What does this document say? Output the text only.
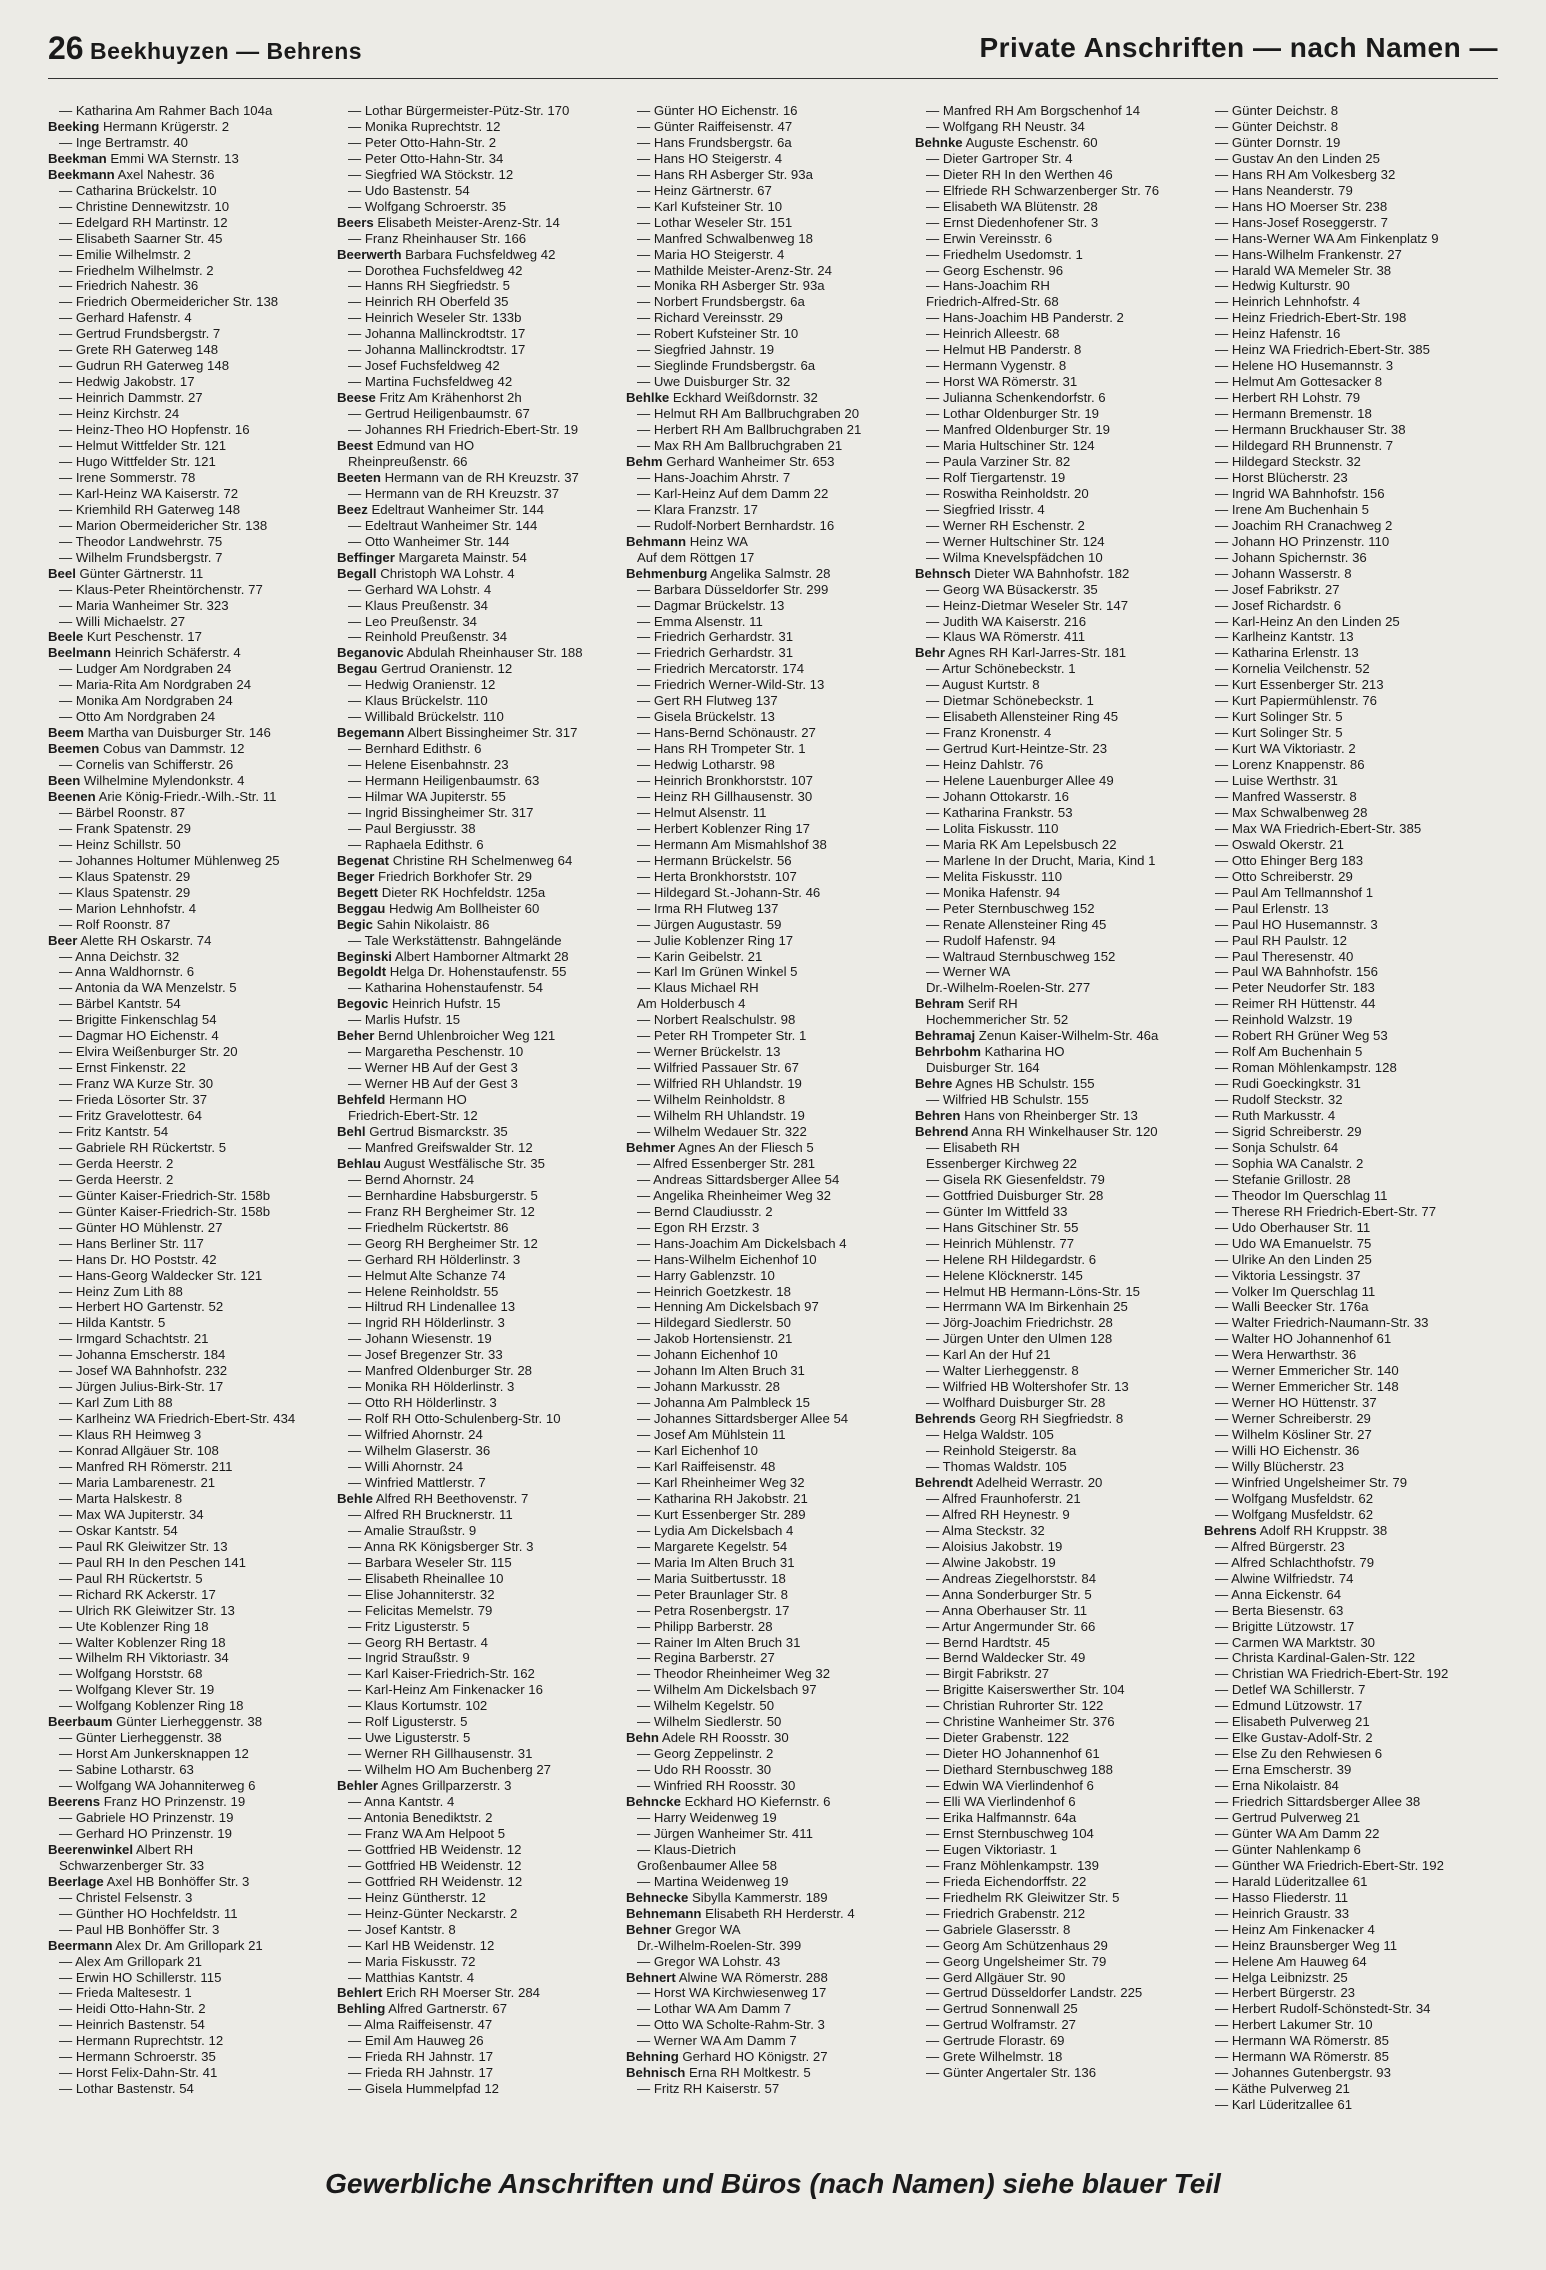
26 Beekhuyzen — Behrens	Private Anschriften — nach Namen —
— Katharina Am Rahmer Bach 104a
Beeking Hermann Krügerstr. 2
— Inge Bertramstr. 40
Beekman Emmi WA Sternstr. 13
Beekmann Axel Nahestr. 36
— Catharina Brückelstr. 10
— Christine Dennewitzstr. 10
— Edelgard RH Martinstr. 12
— Elisabeth Saarner Str. 45
— Emilie Wilhelmstr. 2
— Friedhelm Wilhelmstr. 2
— Friedrich Nahestr. 36
— Friedrich Obermeidericher Str. 138
— Gerhard Hafenstr. 4
— Gertrud Frundsbergstr. 7
— Grete RH Gaterweg 148
— Gudrun RH Gaterweg 148
— Hedwig Jakobstr. 17
— Heinrich Dammstr. 27
— Heinz Kirchstr. 24
— Heinz-Theo HO Hopfenstr. 16
— Helmut Wittfelder Str. 121
— Hugo Wittfelder Str. 121
— Irene Sommerstr. 78
— Karl-Heinz WA Kaiserstr. 72
— Kriemhild RH Gaterweg 148
— Marion Obermeidericher Str. 138
— Theodor Landwehrstr. 75
— Wilhelm Frundsbergstr. 7
Beel Günter Gärtnerstr. 11
— Klaus-Peter Rheintörchenstr. 77
— Maria Wanheimer Str. 323
— Willi Michaelstr. 27
Beele Kurt Peschenstr. 17
Beelmann Heinrich Schäferstr. 4
— Ludger Am Nordgraben 24
— Maria-Rita Am Nordgraben 24
— Monika Am Nordgraben 24
— Otto Am Nordgraben 24
Beem Martha van Duisburger Str. 146
Beemen Cobus van Dammstr. 12
— Cornelis van Schifferstr. 26
Been Wilhelmine Mylendonkstr. 4
Beenen Arie König-Friedr.-Wilh.-Str. 11
— Bärbel Roonstr. 87
— Frank Spatenstr. 29
— Heinz Schillstr. 50
— Johannes Holtumer Mühlenweg 25
— Klaus Spatenstr. 29
— Klaus Spatenstr. 29
— Marion Lehnhofstr. 4
— Rolf Roonstr. 87
Beer Alette RH Oskarstr. 74
— Anna Deichstr. 32
— Anna Waldhornstr. 6
— Antonia da WA Menzelstr. 5
— Bärbel Kantstr. 54
— Brigitte Finkenschlag 54
— Dagmar HO Eichenstr. 4
— Elvira Weißenburger Str. 20
— Ernst Finkenstr. 22
— Franz WA Kurze Str. 30
— Frieda Lösorter Str. 37
— Fritz Gravelottestr. 64
— Fritz Kantstr. 54
— Gabriele RH Rückertstr. 5
— Gerda Heerstr. 2
— Gerda Heerstr. 2
— Günter Kaiser-Friedrich-Str. 158b
— Günter Kaiser-Friedrich-Str. 158b
— Günter HO Mühlenstr. 27
— Hans Berliner Str. 117
— Hans Dr. HO Poststr. 42
— Hans-Georg Waldecker Str. 121
— Heinz Zum Lith 88
— Herbert HO Gartenstr. 52
— Hilda Kantstr. 5
— Irmgard Schachtstr. 21
— Johanna Emscherstr. 184
— Josef WA Bahnhofstr. 232
— Jürgen Julius-Birk-Str. 17
— Karl Zum Lith 88
— Karlheinz WA Friedrich-Ebert-Str. 434
— Klaus RH Heimweg 3
— Konrad Allgäuer Str. 108
— Manfred RH Römerstr. 211
— Maria Lambarenestr. 21
— Marta Halskestr. 8
— Max WA Jupiterstr. 34
— Oskar Kantstr. 54
— Paul RK Gleiwitzer Str. 13
— Paul RH In den Peschen 141
— Paul RH Rückertstr. 5
— Richard RK Ackerstr. 17
— Ulrich RK Gleiwitzer Str. 13
— Ute Koblenzer Ring 18
— Walter Koblenzer Ring 18
— Wilhelm RH Viktoriastr. 34
— Wolfgang Horststr. 68
— Wolfgang Klever Str. 19
— Wolfgang Koblenzer Ring 18
Beerbaum Günter Lierheggenstr. 38
— Günter Lierheggenstr. 38
— Horst Am Junkersknappen 12
— Sabine Lotharstr. 63
— Wolfgang WA Johanniterweg 6
Beerens Franz HO Prinzenstr. 19
— Gabriele HO Prinzenstr. 19
— Gerhard HO Prinzenstr. 19
Beerenwinkel Albert RH
Schwarzenberger Str. 33
Beerlage Axel HB Bonhöffer Str. 3
— Christel Felsenstr. 3
— Günther HO Hochfeldstr. 11
— Paul HB Bonhöffer Str. 3
Beermann Alex Dr. Am Grillopark 21
— Alex Am Grillopark 21
— Erwin HO Schillerstr. 115
— Frieda Maltesestr. 1
— Heidi Otto-Hahn-Str. 2
— Heinrich Bastenstr. 54
— Hermann Ruprechtstr. 12
— Hermann Schroerstr. 35
— Horst Felix-Dahn-Str. 41
— Lothar Bastenstr. 54
— Lothar Bürgermeister-Pütz-Str. 170
— Monika Ruprechtstr. 12
— Peter Otto-Hahn-Str. 2
— Peter Otto-Hahn-Str. 34
— Siegfried WA Stöckstr. 12
— Udo Bastenstr. 54
— Wolfgang Schroerstr. 35
Beers Elisabeth Meister-Arenz-Str. 14
— Franz Rheinhauser Str. 166
Beerwerth Barbara Fuchsfeldweg 42
— Dorothea Fuchsfeldweg 42
— Hanns RH Siegfriedstr. 5
— Heinrich RH Oberfeld 35
— Heinrich Weseler Str. 133b
— Johanna Mallinckrodtstr. 17
— Johanna Mallinckrodtstr. 17
— Josef Fuchsfeldweg 42
— Martina Fuchsfeldweg 42
Beese Fritz Am Krähenhorst 2h
— Gertrud Heiligenbaumstr. 67
— Johannes RH Friedrich-Ebert-Str. 19
Beest Edmund van HO
Rheinpreußenstr. 66
Beeten Hermann van de RH Kreuzstr. 37
— Hermann van de RH Kreuzstr. 37
Beez Edeltraut Wanheimer Str. 144
— Edeltraut Wanheimer Str. 144
— Otto Wanheimer Str. 144
Beffinger Margareta Mainstr. 54
Begall Christoph WA Lohstr. 4
— Gerhard WA Lohstr. 4
— Klaus Preußenstr. 34
— Leo Preußenstr. 34
— Reinhold Preußenstr. 34
Beganovic Abdulah Rheinhauser Str. 188
Begau Gertrud Oranienstr. 12
— Hedwig Oranienstr. 12
— Klaus Brückelstr. 110
— Willibald Brückelstr. 110
Begemann Albert Bissingheimer Str. 317
— Bernhard Edithstr. 6
— Helene Eisenbahnstr. 23
— Hermann Heiligenbaumstr. 63
— Hilmar WA Jupiterstr. 55
— Ingrid Bissingheimer Str. 317
— Paul Bergiusstr. 38
— Raphaela Edithstr. 6
Begenat Christine RH Schelmenweg 64
Beger Friedrich Borkhofer Str. 29
Begett Dieter RK Hochfeldstr. 125a
Beggau Hedwig Am Bollheister 60
Begic Sahin Nikolaistr. 86
— Tale Werkstättenstr. Bahngelände
Beginski Albert Hamborner Altmarkt 28
Begoldt Helga Dr. Hohenstaufenstr. 55
— Katharina Hohenstaufenstr. 54
Begovic Heinrich Hufstr. 15
— Marlis Hufstr. 15
Beher Bernd Uhlenbroicher Weg 121
— Margaretha Peschenstr. 10
— Werner HB Auf der Gest 3
— Werner HB Auf der Gest 3
Behfeld Hermann HO
Friedrich-Ebert-Str. 12
Behl Gertrud Bismarckstr. 35
— Manfred Greifswalder Str. 12
Behlau August Westfälische Str. 35
— Bernd Ahornstr. 24
— Bernhardine Habsburgerstr. 5
— Franz RH Bergheimer Str. 12
— Friedhelm Rückertstr. 86
— Georg RH Bergheimer Str. 12
— Gerhard RH Hölderlinstr. 3
— Helmut Alte Schanze 74
— Helene Reinholdstr. 55
— Hiltrud RH Lindenallee 13
— Ingrid RH Hölderlinstr. 3
— Johann Wiesenstr. 19
— Josef Bregenzer Str. 33
— Manfred Oldenburger Str. 28
— Monika RH Hölderlinstr. 3
— Otto RH Hölderlinstr. 3
— Rolf RH Otto-Schulenberg-Str. 10
— Wilfried Ahornstr. 24
— Wilhelm Glaserstr. 36
— Willi Ahornstr. 24
— Winfried Mattlerstr. 7
Behle Alfred RH Beethovenstr. 7
— Alfred RH Brucknerstr. 11
— Amalie Straußstr. 9
— Anna RK Königsberger Str. 3
— Barbara Weseler Str. 115
— Elisabeth Rheinallee 10
— Elise Johanniterstr. 32
— Felicitas Memelstr. 79
— Fritz Ligusterstr. 5
— Georg RH Bertastr. 4
— Ingrid Straußstr. 9
— Karl Kaiser-Friedrich-Str. 162
— Karl-Heinz Am Finkenacker 16
— Klaus Kortumstr. 102
— Rolf Ligusterstr. 5
— Uwe Ligusterstr. 5
— Werner RH Gillhausenstr. 31
— Wilhelm HO Am Buchenberg 27
Behler Agnes Grillparzerstr. 3
— Anna Kantstr. 4
— Antonia Benediktstr. 2
— Franz WA Am Helpoot 5
— Gottfried HB Weidenstr. 12
— Gottfried HB Weidenstr. 12
— Gottfried RH Weidenstr. 12
— Heinz Güntherstr. 12
— Heinz-Günter Neckarstr. 2
— Josef Kantstr. 8
— Karl HB Weidenstr. 12
— Maria Fiskusstr. 72
— Matthias Kantstr. 4
Behlert Erich RH Moerser Str. 284
Behling Alfred Gartnerstr. 67
— Alma Raiffeisenstr. 47
— Emil Am Hauweg 26
— Frieda RH Jahnstr. 17
— Frieda RH Jahnstr. 17
— Gisela Hummelpfad 12
— Günter HO Eichenstr. 16
— Günter Raiffeisenstr. 47
— Hans Frundsbergstr. 6a
— Hans HO Steigerstr. 4
— Hans RH Asberger Str. 93a
— Heinz Gärtnerstr. 67
— Karl Kufsteiner Str. 10
— Lothar Weseler Str. 151
— Manfred Schwalbenweg 18
— Maria HO Steigerstr. 4
— Mathilde Meister-Arenz-Str. 24
— Monika RH Asberger Str. 93a
— Norbert Frundsbergstr. 6a
— Richard Vereinsstr. 29
— Robert Kufsteiner Str. 10
— Siegfried Jahnstr. 19
— Sieglinde Frundsbergstr. 6a
— Uwe Duisburger Str. 32
Behlke Eckhard Weißdornstr. 32
— Helmut RH Am Ballbruchgraben 20
— Herbert RH Am Ballbruchgraben 21
— Max RH Am Ballbruchgraben 21
Behm Gerhard Wanheimer Str. 653
— Hans-Joachim Ahrstr. 7
— Karl-Heinz Auf dem Damm 22
— Klara Franzstr. 17
— Rudolf-Norbert Bernhardstr. 16
Behmann Heinz WA
Auf dem Röttgen 17
Behmenburg Angelika Salmstr. 28
— Barbara Düsseldorfer Str. 299
— Dagmar Brückelstr. 13
— Emma Alsenstr. 11
— Friedrich Gerhardstr. 31
— Friedrich Gerhardstr. 31
— Friedrich Mercatorstr. 174
— Friedrich Werner-Wild-Str. 13
— Gert RH Flutweg 137
— Gisela Brückelstr. 13
— Hans-Bernd Schönaustr. 27
— Hans RH Trompeter Str. 1
— Hedwig Lotharstr. 98
— Heinrich Bronkhorststr. 107
— Heinz RH Gillhausenstr. 30
— Helmut Alsenstr. 11
— Herbert Koblenzer Ring 17
— Hermann Am Mismahlshof 38
— Hermann Brückelstr. 56
— Herta Bronkhorststr. 107
— Hildegard St.-Johann-Str. 46
— Irma RH Flutweg 137
— Jürgen Augustastr. 59
— Julie Koblenzer Ring 17
— Karin Geibelstr. 21
— Karl Im Grünen Winkel 5
— Klaus Michael RH
Am Holderbusch 4
— Norbert Realschulstr. 98
— Peter RH Trompeter Str. 1
— Werner Brückelstr. 13
— Wilfried Passauer Str. 67
— Wilfried RH Uhlandstr. 19
— Wilhelm Reinholdstr. 8
— Wilhelm RH Uhlandstr. 19
— Wilhelm Wedauer Str. 322
Behmer Agnes An der Fliesch 5
— Alfred Essenberger Str. 281
— Andreas Sittardsberger Allee 54
— Angelika Rheinheimer Weg 32
— Bernd Claudiusstr. 2
— Egon RH Erzstr. 3
— Hans-Joachim Am Dickelsbach 4
— Hans-Wilhelm Eichenhof 10
— Harry Gablenzstr. 10
— Heinrich Goetzkestr. 18
— Henning Am Dickelsbach 97
— Hildegard Siedlerstr. 50
— Jakob Hortensienstr. 21
— Johann Eichenhof 10
— Johann Im Alten Bruch 31
— Johann Markusstr. 28
— Johanna Am Palmbleck 15
— Johannes Sittardsberger Allee 54
— Josef Am Mühlstein 11
— Karl Eichenhof 10
— Karl Raiffeisenstr. 48
— Karl Rheinheimer Weg 32
— Katharina RH Jakobstr. 21
— Kurt Essenberger Str. 289
— Lydia Am Dickelsbach 4
— Margarete Kegelstr. 54
— Maria Im Alten Bruch 31
— Maria Suitbertusstr. 18
— Peter Braunlager Str. 8
— Petra Rosenbergstr. 17
— Philipp Barberstr. 28
— Rainer Im Alten Bruch 31
— Regina Barberstr. 27
— Theodor Rheinheimer Weg 32
— Wilhelm Am Dickelsbach 97
— Wilhelm Kegelstr. 50
— Wilhelm Siedlerstr. 50
Behn Adele RH Roosstr. 30
— Georg Zeppelinstr. 2
— Udo RH Roosstr. 30
— Winfried RH Roosstr. 30
Behncke Eckhard HO Kiefernstr. 6
— Harry Weidenweg 19
— Jürgen Wanheimer Str. 411
— Klaus-Dietrich
Großenbaumer Allee 58
— Martina Weidenweg 19
Behnecke Sibylla Kammerstr. 189
Behnemann Elisabeth RH Herderstr. 4
Behner Gregor WA
Dr.-Wilhelm-Roelen-Str. 399
— Gregor WA Lohstr. 43
Behnert Alwine WA Römerstr. 288
— Horst WA Kirchwiesenweg 17
— Lothar WA Am Damm 7
— Otto WA Scholte-Rahm-Str. 3
— Werner WA Am Damm 7
Behning Gerhard HO Königstr. 27
Behnisch Erna RH Moltkestr. 5
— Fritz RH Kaiserstr. 57
— Manfred RH Am Borgschenhof 14
— Wolfgang RH Neustr. 34
Behnke Auguste Eschenstr. 60
— Dieter Gartroper Str. 4
— Dieter RH In den Werthen 46
— Elfriede RH Schwarzenberger Str. 76
— Elisabeth WA Blütenstr. 28
— Ernst Diedenhofener Str. 3
— Erwin Vereinsstr. 6
— Friedhelm Usedomstr. 1
— Georg Eschenstr. 96
— Hans-Joachim RH
Friedrich-Alfred-Str. 68
— Hans-Joachim HB Panderstr. 2
— Heinrich Alleestr. 68
— Helmut HB Panderstr. 8
— Hermann Vygenstr. 8
— Horst WA Römerstr. 31
— Julianna Schenkendorfstr. 6
— Lothar Oldenburger Str. 19
— Manfred Oldenburger Str. 19
— Maria Hultschiner Str. 124
— Paula Varziner Str. 82
— Rolf Tiergartenstr. 19
— Roswitha Reinholdstr. 20
— Siegfried Irisstr. 4
— Werner RH Eschenstr. 2
— Werner Hultschiner Str. 124
— Wilma Knevelspfädchen 10
Behnsch Dieter WA Bahnhofstr. 182
— Georg WA Büsackerstr. 35
— Heinz-Dietmar Weseler Str. 147
— Judith WA Kaiserstr. 216
— Klaus WA Römerstr. 411
Behr Agnes RH Karl-Jarres-Str. 181
— Artur Schönebeckstr. 1
— August Kurtstr. 8
— Dietmar Schönebeckstr. 1
— Elisabeth Allensteiner Ring 45
— Franz Kronenstr. 4
— Gertrud Kurt-Heintze-Str. 23
— Heinz Dahlstr. 76
— Helene Lauenburger Allee 49
— Johann Ottokarstr. 16
— Katharina Frankstr. 53
— Lolita Fiskusstr. 110
— Maria RK Am Lepelsbusch 22
— Marlene In der Drucht, Maria, Kind 1
— Melita Fiskusstr. 110
— Monika Hafenstr. 94
— Peter Sternbuschweg 152
— Renate Allensteiner Ring 45
— Rudolf Hafenstr. 94
— Waltraud Sternbuschweg 152
— Werner WA
Dr.-Wilhelm-Roelen-Str. 277
Behram Serif RH
Hochemmericher Str. 52
Behramaj Zenun Kaiser-Wilhelm-Str. 46a
Behrbohm Katharina HO
Duisburger Str. 164
Behre Agnes HB Schulstr. 155
— Wilfried HB Schulstr. 155
Behren Hans von Rheinberger Str. 13
Behrend Anna RH Winkelhauser Str. 120
— Elisabeth RH
Essenberger Kirchweg 22
— Gisela RK Giesenfeldstr. 79
— Gottfried Duisburger Str. 28
— Günter Im Wittfeld 33
— Hans Gitschiner Str. 55
— Heinrich Mühlenstr. 77
— Helene RH Hildegardstr. 6
— Helene Klöcknerstr. 145
— Helmut HB Hermann-Löns-Str. 15
— Herrmann WA Im Birkenhain 25
— Jörg-Joachim Friedrichstr. 28
— Jürgen Unter den Ulmen 128
— Karl An der Huf 21
— Walter Lierheggenstr. 8
— Wilfried HB Woltershofer Str. 13
— Wolfhard Duisburger Str. 28
Behrends Georg RH Siegfriedstr. 8
— Helga Waldstr. 105
— Reinhold Steigerstr. 8a
— Thomas Waldstr. 105
Behrendt Adelheid Werrastr. 20
— Alfred Fraunhoferstr. 21
— Alfred RH Heynestr. 9
— Alma Steckstr. 32
— Aloisius Jakobstr. 19
— Alwine Jakobstr. 19
— Andreas Ziegelhorststr. 84
— Anna Sonderburger Str. 5
— Anna Oberhauser Str. 11
— Artur Angermunder Str. 66
— Bernd Hardtstr. 45
— Bernd Waldecker Str. 49
— Birgit Fabrikstr. 27
— Brigitte Kaiserswerther Str. 104
— Christian Ruhrorter Str. 122
— Christine Wanheimer Str. 376
— Dieter Grabenstr. 122
— Dieter HO Johannenhof 61
— Diethard Sternbuschweg 188
— Edwin WA Vierlindenhof 6
— Elli WA Vierlindenhof 6
— Erika Halfmannstr. 64a
— Ernst Sternbuschweg 104
— Eugen Viktoriastr. 1
— Franz Möhlenkampstr. 139
— Frieda Eichendorffstr. 22
— Friedhelm RK Gleiwitzer Str. 5
— Friedrich Grabenstr. 212
— Gabriele Glasersstr. 8
— Georg Am Schützenhaus 29
— Georg Ungelsheimer Str. 79
— Gerd Allgäuer Str. 90
— Gertrud Düsseldorfer Landstr. 225
— Gertrud Sonnenwall 25
— Gertrud Wolframstr. 27
— Gertrude Florastr. 69
— Grete Wilhelmstr. 18
— Günter Angertaler Str. 136
— Günter Deichstr. 8
— Günter Deichstr. 8
— Günter Dornstr. 19
— Gustav An den Linden 25
— Hans RH Am Volkesberg 32
— Hans Neanderstr. 79
— Hans HO Moerser Str. 238
— Hans-Josef Roseggerstr. 7
— Hans-Werner WA Am Finkenplatz 9
— Hans-Wilhelm Frankenstr. 27
— Harald WA Memeler Str. 38
— Hedwig Kulturstr. 90
— Heinrich Lehnhofstr. 4
— Heinz Friedrich-Ebert-Str. 198
— Heinz Hafenstr. 16
— Heinz WA Friedrich-Ebert-Str. 385
— Helene HO Husemannstr. 3
— Helmut Am Gottesacker 8
— Herbert RH Lohstr. 79
— Hermann Bremenstr. 18
— Hermann Bruckhauser Str. 38
— Hildegard RH Brunnenstr. 7
— Hildegard Steckstr. 32
— Horst Blücherstr. 23
— Ingrid WA Bahnhofstr. 156
— Irene Am Buchenhain 5
— Joachim RH Cranachweg 2
— Johann HO Prinzenstr. 110
— Johann Spichernstr. 36
— Johann Wasserstr. 8
— Josef Fabrikstr. 27
— Josef Richardstr. 6
— Karl-Heinz An den Linden 25
— Karlheinz Kantstr. 13
— Katharina Erlenstr. 13
— Kornelia Veilchenstr. 52
— Kurt Essenberger Str. 213
— Kurt Papiermühlenstr. 76
— Kurt Solinger Str. 5
— Kurt Solinger Str. 5
— Kurt WA Viktoriastr. 2
— Lorenz Knappenstr. 86
— Luise Werthstr. 31
— Manfred Wasserstr. 8
— Max Schwalbenweg 28
— Max WA Friedrich-Ebert-Str. 385
— Oswald Okerstr. 21
— Otto Ehinger Berg 183
— Otto Schreiberstr. 29
— Paul Am Tellmannshof 1
— Paul Erlenstr. 13
— Paul HO Husemannstr. 3
— Paul RH Paulstr. 12
— Paul Theresenstr. 40
— Paul WA Bahnhofstr. 156
— Peter Neudorfer Str. 183
— Reimer RH Hüttenstr. 44
— Reinhold Walzstr. 19
— Robert RH Grüner Weg 53
— Rolf Am Buchenhain 5
— Roman Möhlenkampstr. 128
— Rudi Goeckingkstr. 31
— Rudolf Steckstr. 32
— Ruth Markusstr. 4
— Sigrid Schreiberstr. 29
— Sonja Schulstr. 64
— Sophia WA Canalstr. 2
— Stefanie Grillostr. 28
— Theodor Im Querschlag 11
— Therese RH Friedrich-Ebert-Str. 77
— Udo Oberhauser Str. 11
— Udo WA Emanuelstr. 75
— Ulrike An den Linden 25
— Viktoria Lessingstr. 37
— Volker Im Querschlag 11
— Walli Beecker Str. 176a
— Walter Friedrich-Naumann-Str. 33
— Walter HO Johannenhof 61
— Wera Herwarthstr. 36
— Werner Emmericher Str. 140
— Werner Emmericher Str. 148
— Werner HO Hüttenstr. 37
— Werner Schreiberstr. 29
— Wilhelm Kösliner Str. 27
— Willi HO Eichenstr. 36
— Willy Blücherstr. 23
— Winfried Ungelsheimer Str. 79
— Wolfgang Musfeldstr. 62
— Wolfgang Musfeldstr. 62
Behrens Adolf RH Kruppstr. 38
— Alfred Bürgerstr. 23
— Alfred Schlachthofstr. 79
— Alwine Wilfriedstr. 74
— Anna Eickenstr. 64
— Berta Biesenstr. 63
— Brigitte Lützowstr. 17
— Carmen WA Marktstr. 30
— Christa Kardinal-Galen-Str. 122
— Christian WA Friedrich-Ebert-Str. 192
— Detlef WA Schillerstr. 7
— Edmund Lützowstr. 17
— Elisabeth Pulverweg 21
— Elke Gustav-Adolf-Str. 2
— Else Zu den Rehwiesen 6
— Erna Emscherstr. 39
— Erna Nikolaistr. 84
— Friedrich Sittardsberger Allee 38
— Gertrud Pulverweg 21
— Günter WA Am Damm 22
— Günter Nahlenkamp 6
— Günther WA Friedrich-Ebert-Str. 192
— Harald Lüderitzallee 61
— Hasso Fliederstr. 11
— Heinrich Graustr. 33
— Heinz Am Finkenacker 4
— Heinz Braunsberger Weg 11
— Helene Am Hauweg 64
— Helga Leibnizstr. 25
— Herbert Bürgerstr. 23
— Herbert Rudolf-Schönstedt-Str. 34
— Herbert Lakumer Str. 10
— Hermann WA Römerstr. 85
— Hermann WA Römerstr. 85
— Johannes Gutenbergstr. 93
— Käthe Pulverweg 21
— Karl Lüderitzallee 61
Gewerbliche Anschriften und Büros (nach Namen) siehe blauer Teil
